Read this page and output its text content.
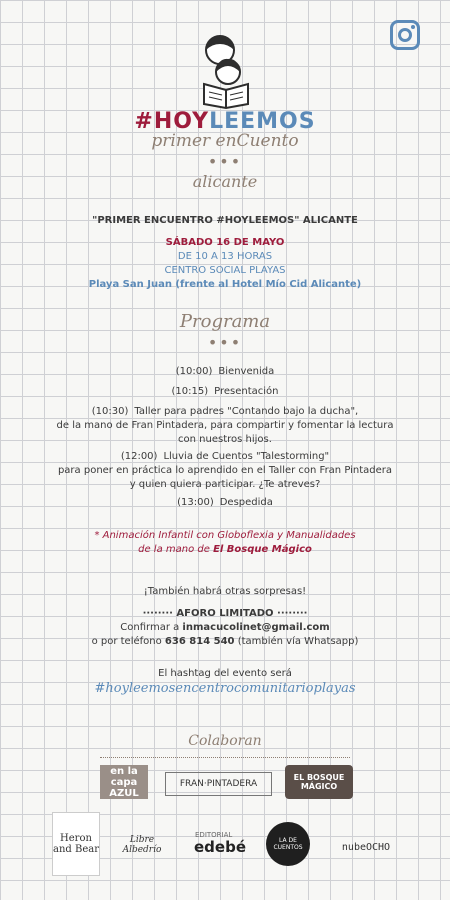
#HOYLEEMOS
primer enCuento
•••
alicante
"PRIMER ENCUENTRO #HOYLEEMOS" ALICANTE
SÁBADO 16 DE MAYO
DE 10 A 13 HORAS
CENTRO SOCIAL PLAYAS
Playa San Juan (frente al Hotel Mío Cid Alicante)
Programa
•••
(10:00) Bienvenida
(10:15) Presentación
(10:30) Taller para padres "Contando bajo la ducha",
de la mano de Fran Pintadera, para compartir y fomentar la lectura
con nuestros hijos.
(12:00) Lluvia de Cuentos "Talestorming"
para poner en práctica lo aprendido en el Taller con Fran Pintadera
y quien quiera participar. ¿Te atreves?
(13:00) Despedida
* Animación Infantil con Globoflexia y Manualidades
de la mano de El Bosque Mágico
¡También habrá otras sorpresas!
········ AFORO LIMITADO ········
Confirmar a inmacucolinet@gmail.com
o por teléfono 636 814 540 (también vía Whatsapp)
El hashtag del evento será
#hoyleemosencentrocomunitarioplayas
Colaboran
en la capa AZUL
FRAN·PINTADERA
EL BOSQUE MÁGICO
Heron and Bear
Libre Albedrío
EDITORIAL
edebé	LA DE CUENTOS	nubeOCHO
